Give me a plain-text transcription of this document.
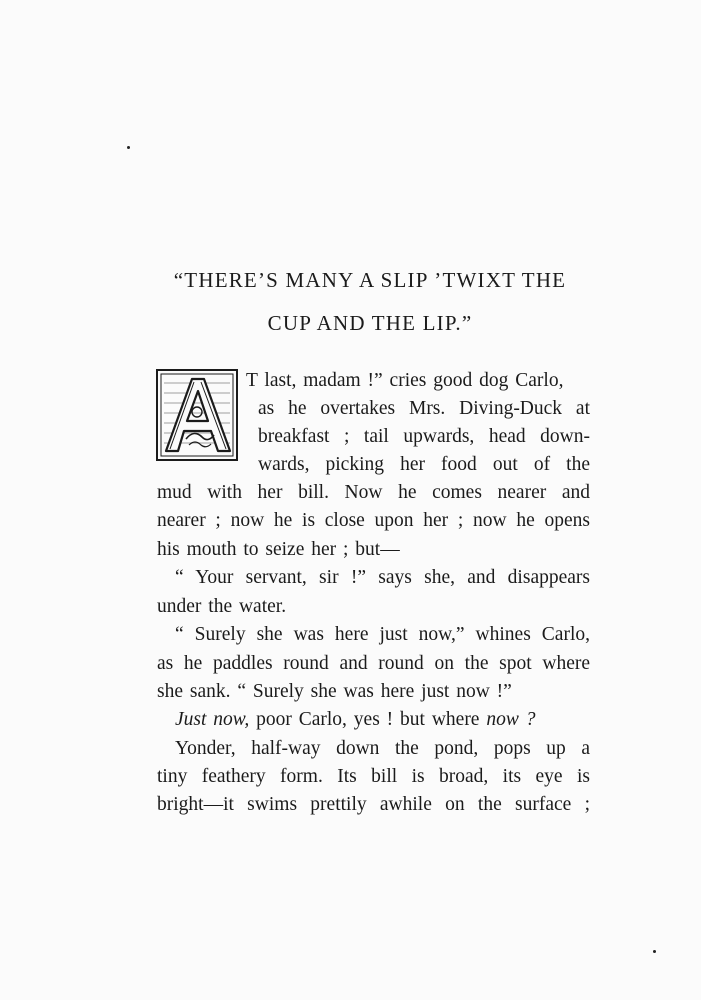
“THERE’S MANY A SLIP ’TWIXT THE
CUP AND THE LIP.”
A
T last, madam !” cries good dog Carlo,
as he overtakes Mrs. Diving-Duck at
breakfast ; tail upwards, head down-
wards, picking her food out of the
mud with her bill. Now he comes nearer and
nearer ; now he is close upon her ; now he opens
his mouth to seize her ; but—
“ Your servant, sir !” says she, and disappears
under the water.
“ Surely she was here just now,” whines Carlo,
as he paddles round and round on the spot where
she sank. “ Surely she was here just now !”
Just now, poor Carlo, yes ! but where now ?
Yonder, half-way down the pond, pops up a
tiny feathery form. Its bill is broad, its eye is
bright—it swims prettily awhile on the surface ;
